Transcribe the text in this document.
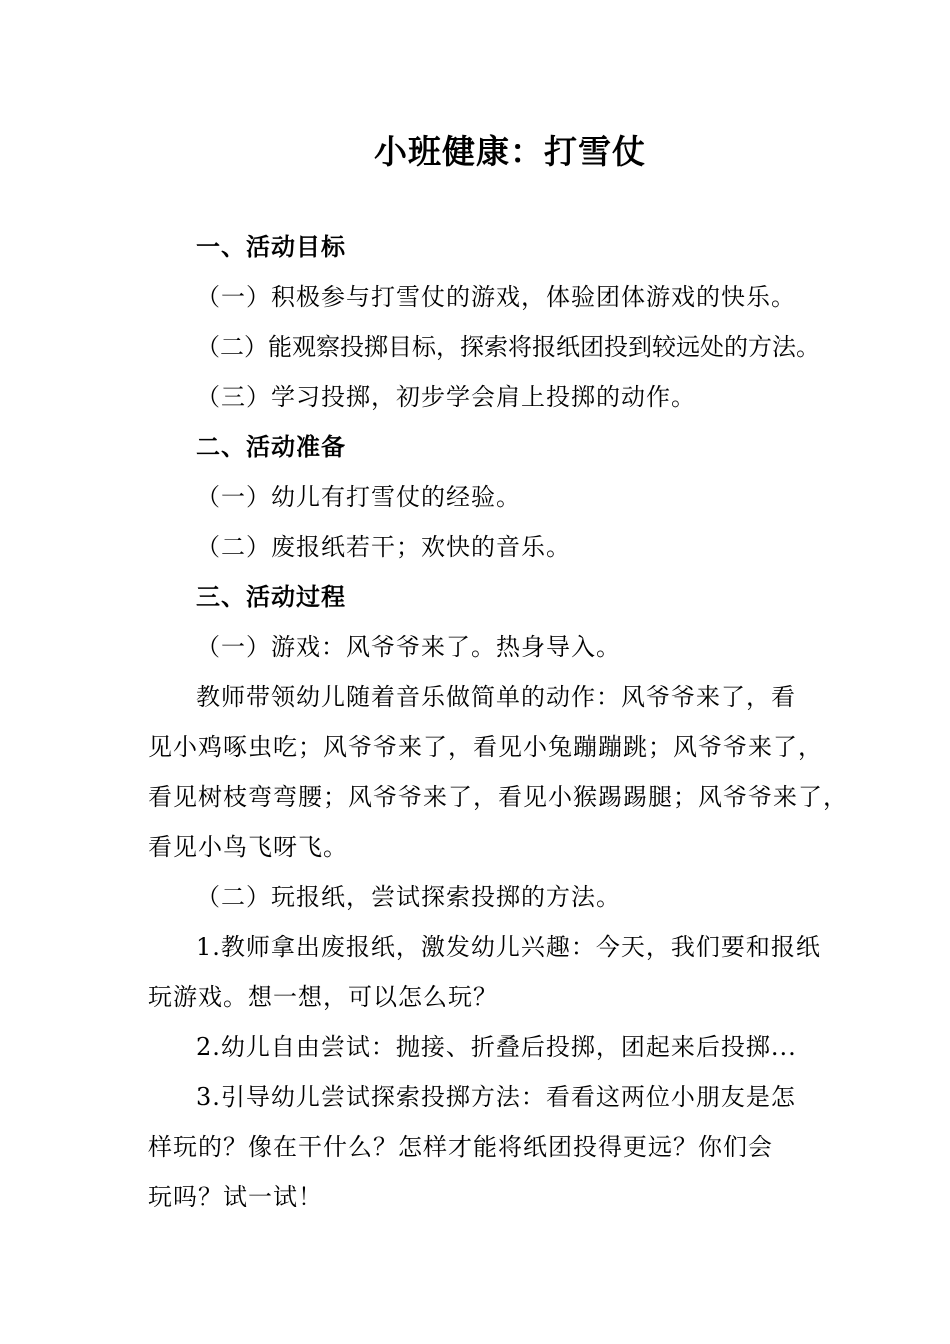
小班健康：打雪仗
一、活动目标
（一）积极参与打雪仗的游戏，体验团体游戏的快乐。
（二）能观察投掷目标，探索将报纸团投到较远处的方法。
（三）学习投掷，初步学会肩上投掷的动作。
二、活动准备
（一）幼儿有打雪仗的经验。
（二）废报纸若干；欢快的音乐。
三、活动过程
（一）游戏：风爷爷来了。热身导入。
教师带领幼儿随着音乐做简单的动作：风爷爷来了，看
见小鸡啄虫吃；风爷爷来了，看见小兔蹦蹦跳；风爷爷来了，
看见树枝弯弯腰；风爷爷来了，看见小猴踢踢腿；风爷爷来了，
看见小鸟飞呀飞。
（二）玩报纸，尝试探索投掷的方法。
1.教师拿出废报纸，激发幼儿兴趣：今天，我们要和报纸
玩游戏。想一想，可以怎么玩？
2.幼儿自由尝试：抛接、折叠后投掷，团起来后投掷...
3.引导幼儿尝试探索投掷方法：看看这两位小朋友是怎
样玩的？像在干什么？怎样才能将纸团投得更远？你们会
玩吗？试一试！
